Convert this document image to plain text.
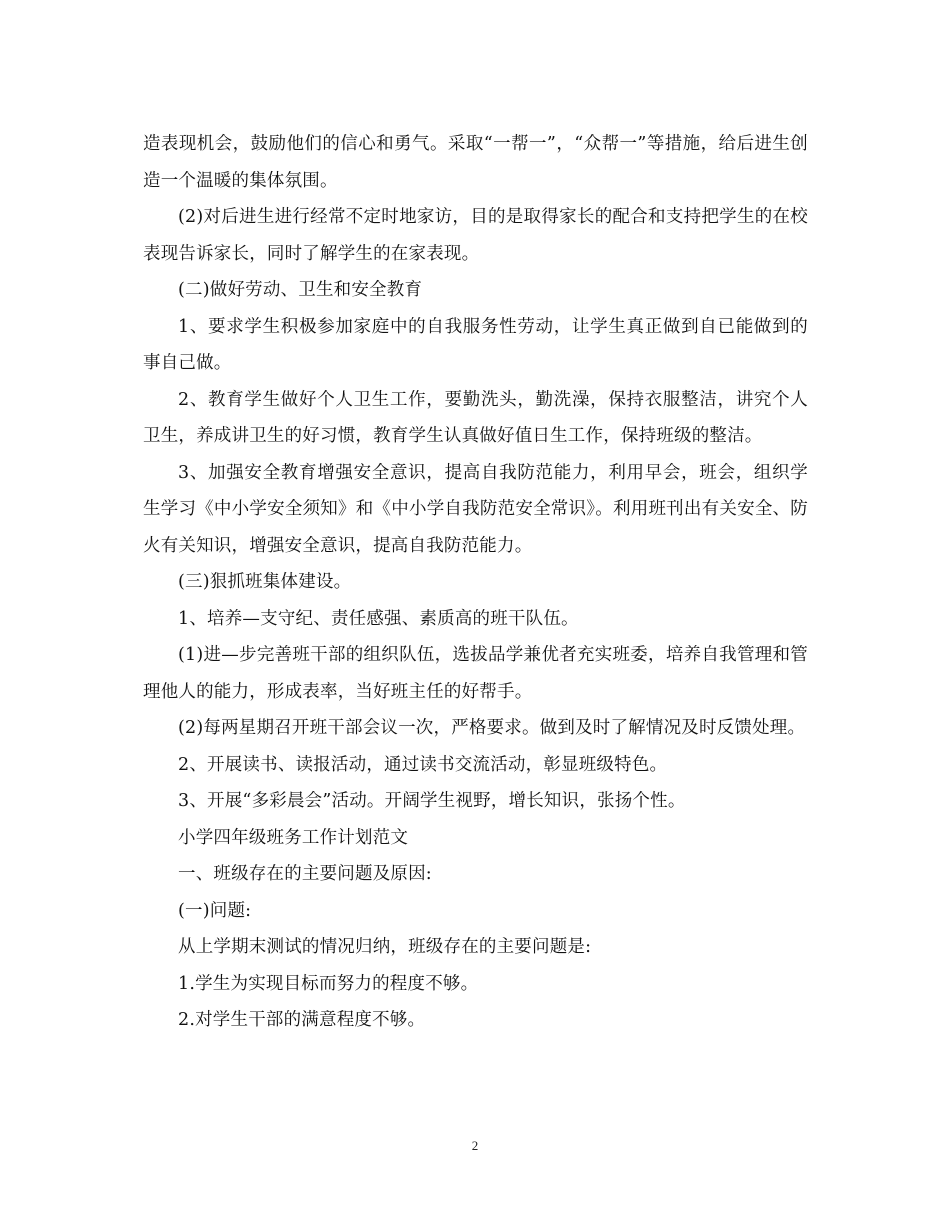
造表现机会，鼓励他们的信心和勇气。采取“一帮一”，“众帮一”等措施，给后进生创造一个温暖的集体氛围。

(2)对后进生进行经常不定时地家访，目的是取得家长的配合和支持把学生的在校表现告诉家长，同时了解学生的在家表现。

(二)做好劳动、卫生和安全教育

1、要求学生积极参加家庭中的自我服务性劳动，让学生真正做到自已能做到的事自己做。

2、教育学生做好个人卫生工作，要勤洗头，勤洗澡，保持衣服整洁，讲究个人卫生，养成讲卫生的好习惯，教育学生认真做好值日生工作，保持班级的整洁。

3、加强安全教育增强安全意识，提高自我防范能力，利用早会，班会，组织学生学习《中小学安全须知》和《中小学自我防范安全常识》。利用班刊出有关安全、防火有关知识，增强安全意识，提高自我防范能力。

(三)狠抓班集体建设。

1、培养—支守纪、责任感强、素质高的班干队伍。

(1)进—步完善班干部的组织队伍，选拔品学兼优者充实班委，培养自我管理和管理他人的能力，形成表率，当好班主任的好帮手。

(2)每两星期召开班干部会议一次，严格要求。做到及时了解情况及时反馈处理。

2、开展读书、读报活动，通过读书交流活动，彰显班级特色。

3、开展“多彩晨会”活动。开阔学生视野，增长知识，张扬个性。

小学四年级班务工作计划范文

一、班级存在的主要问题及原因:

(一)问题:

从上学期末测试的情况归纳，班级存在的主要问题是:

1.学生为实现目标而努力的程度不够。

2.对学生干部的满意程度不够。

2
